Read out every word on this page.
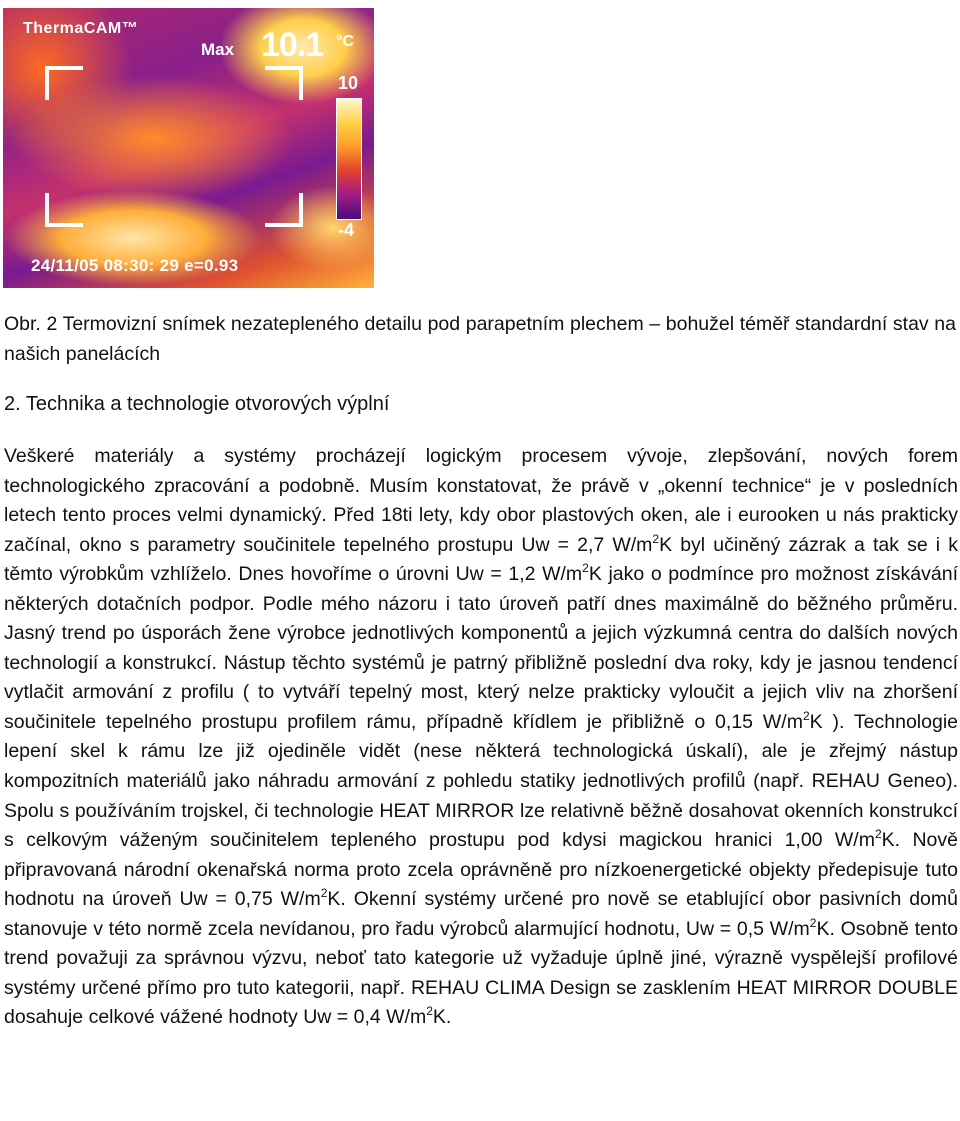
ThermaCAM™
Max 10.1 °C
10
-4
24/11/05 08:30: 29 e=0.93
Obr. 2 Termovizní snímek nezatepleného detailu pod parapetním plechem – bohužel téměř standardní stav na našich panelácích
2. Technika a technologie otvorových výplní
Veškeré materiály a systémy procházejí logickým procesem vývoje, zlepšování, nových forem technologického zpracování a podobně. Musím konstatovat, že právě v „okenní technice“ je v posledních letech tento proces velmi dynamický. Před 18ti lety, kdy obor plastových oken, ale i eurooken u nás prakticky začínal, okno s parametry součinitele tepelného prostupu Uw = 2,7 $W/m^2K$ byl učiněný zázrak a tak se i k těmto výrobkům vzhlíželo. Dnes hovoříme o úrovni Uw = 1,2 $W/m^2K$ jako o podmínce pro možnost získávání některých dotačních podpor. Podle mého názoru i tato úroveň patří dnes maximálně do běžného průměru. Jasný trend po úsporách žene výrobce jednotlivých komponentů a jejich výzkumná centra do dalších nových technologií a konstrukcí. Nástup těchto systémů je patrný přibližně poslední dva roky, kdy je jasnou tendencí vytlačit armování z profilu ( to vytváří tepelný most, který nelze prakticky vyloučit a jejich vliv na zhoršení součinitele tepelného prostupu profilem rámu, případně křídlem je přibližně o 0,15 $W/m^2K$ ). Technologie lepení skel k rámu lze již ojediněle vidět (nese některá technologická úskalí), ale je zřejmý nástup kompozitních materiálů jako náhradu armování z pohledu statiky jednotlivých profilů (např. REHAU Geneo). Spolu s používáním trojskel, či technologie HEAT MIRROR lze relativně běžně dosahovat okenních konstrukcí s celkovým váženým součinitelem tepleného prostupu pod kdysi magickou hranici 1,00 $W/m^2K$. Nově připravovaná národní okenařská norma proto zcela oprávněně pro nízkoenergetické objekty předepisuje tuto hodnotu na úroveň Uw = 0,75 $W/m^2K$. Okenní systémy určené pro nově se etablující obor pasivních domů stanovuje v této normě zcela nevídanou, pro řadu výrobců alarmující hodnotu, Uw = 0,5 $W/m^2K$. Osobně tento trend považuji za správnou výzvu, neboť tato kategorie už vyžaduje úplně jiné, výrazně vyspělejší profilové systémy určené přímo pro tuto kategorii, např. REHAU CLIMA Design se zasklením HEAT MIRROR DOUBLE dosahuje celkové vážené hodnoty Uw = 0,4 $W/m^2K$.
